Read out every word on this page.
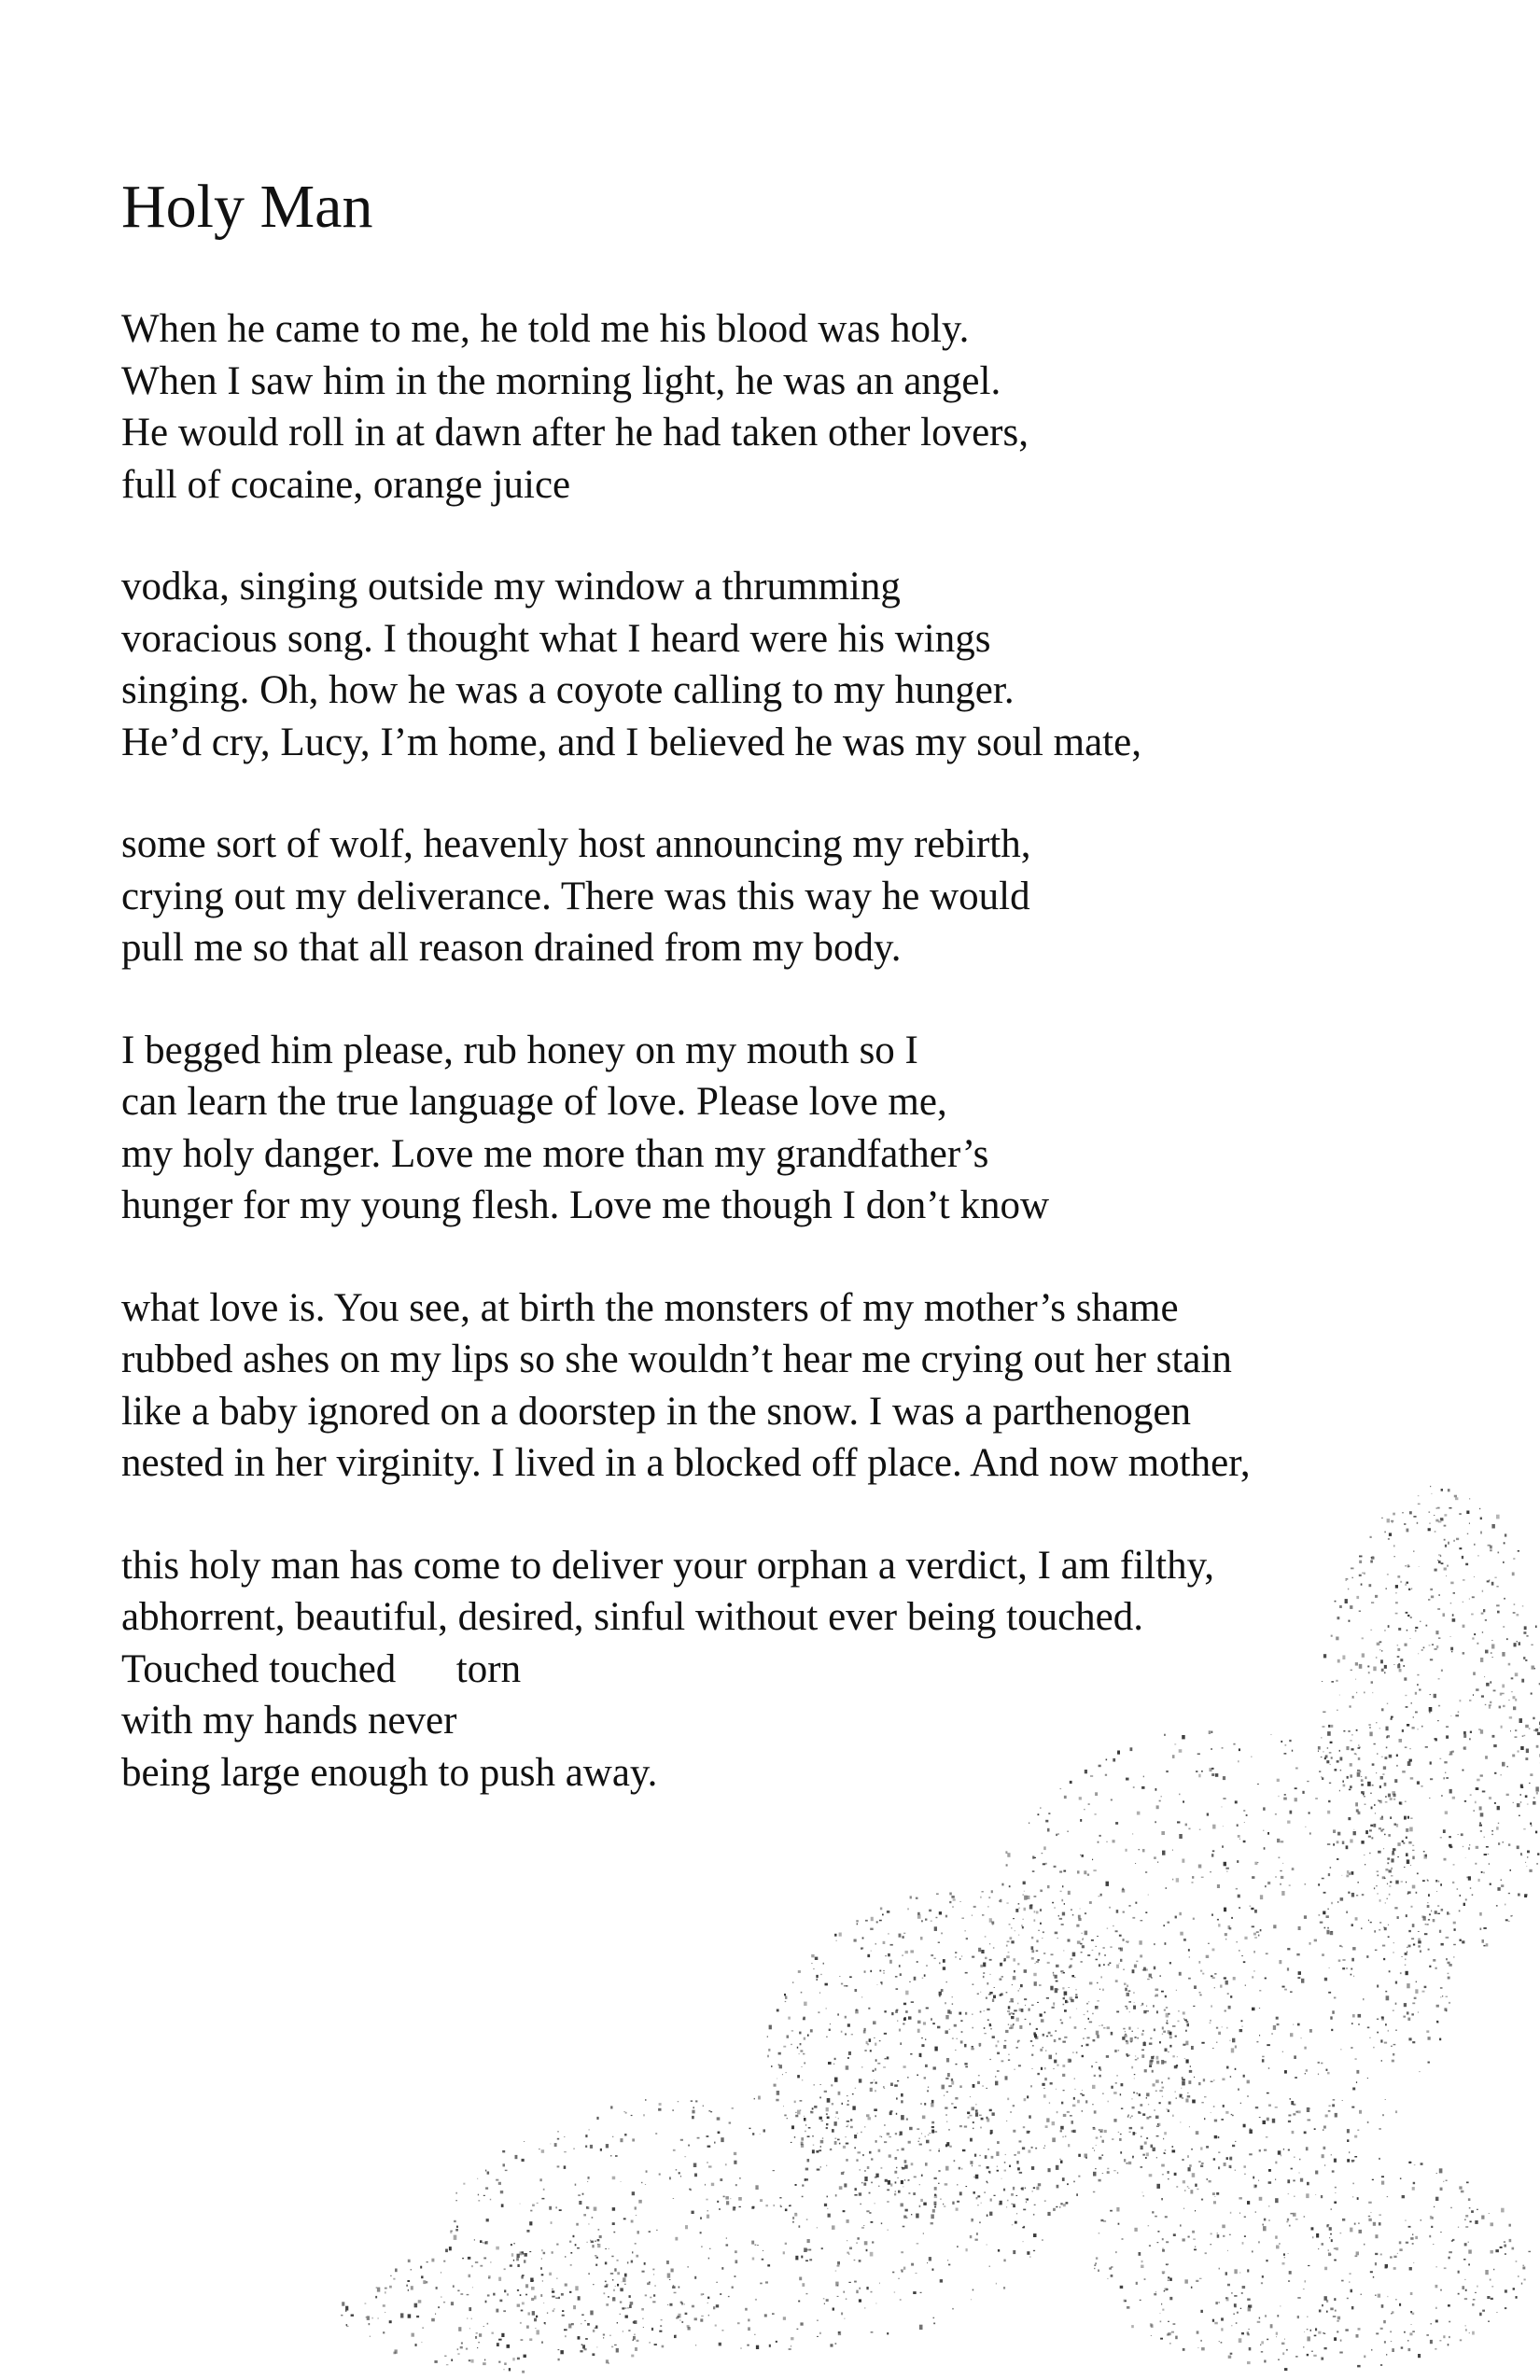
Holy Man
When he came to me, he told me his blood was holy.
When I saw him in the morning light, he was an angel.
He would roll in at dawn after he had taken other lovers,
full of cocaine, orange juice
vodka, singing outside my window a thrumming
voracious song. I thought what I heard were his wings
singing. Oh, how he was a coyote calling to my hunger.
He’d cry, Lucy, I’m home, and I believed he was my soul mate,
some sort of wolf, heavenly host announcing my rebirth,
crying out my deliverance. There was this way he would
pull me so that all reason drained from my body.
I begged him please, rub honey on my mouth so I
can learn the true language of love. Please love me,
my holy danger. Love me more than my grandfather’s
hunger for my young flesh. Love me though I don’t know
what love is. You see, at birth the monsters of my mother’s shame
rubbed ashes on my lips so she wouldn’t hear me crying out her stain
like a baby ignored on a doorstep in the snow. I was a parthenogen
nested in her virginity. I lived in a blocked off place. And now mother,
this holy man has come to deliver your orphan a verdict, I am filthy,
abhorrent, beautiful, desired, sinful without ever being touched.
Touched touched      torn
with my hands never
being large enough to push away.
